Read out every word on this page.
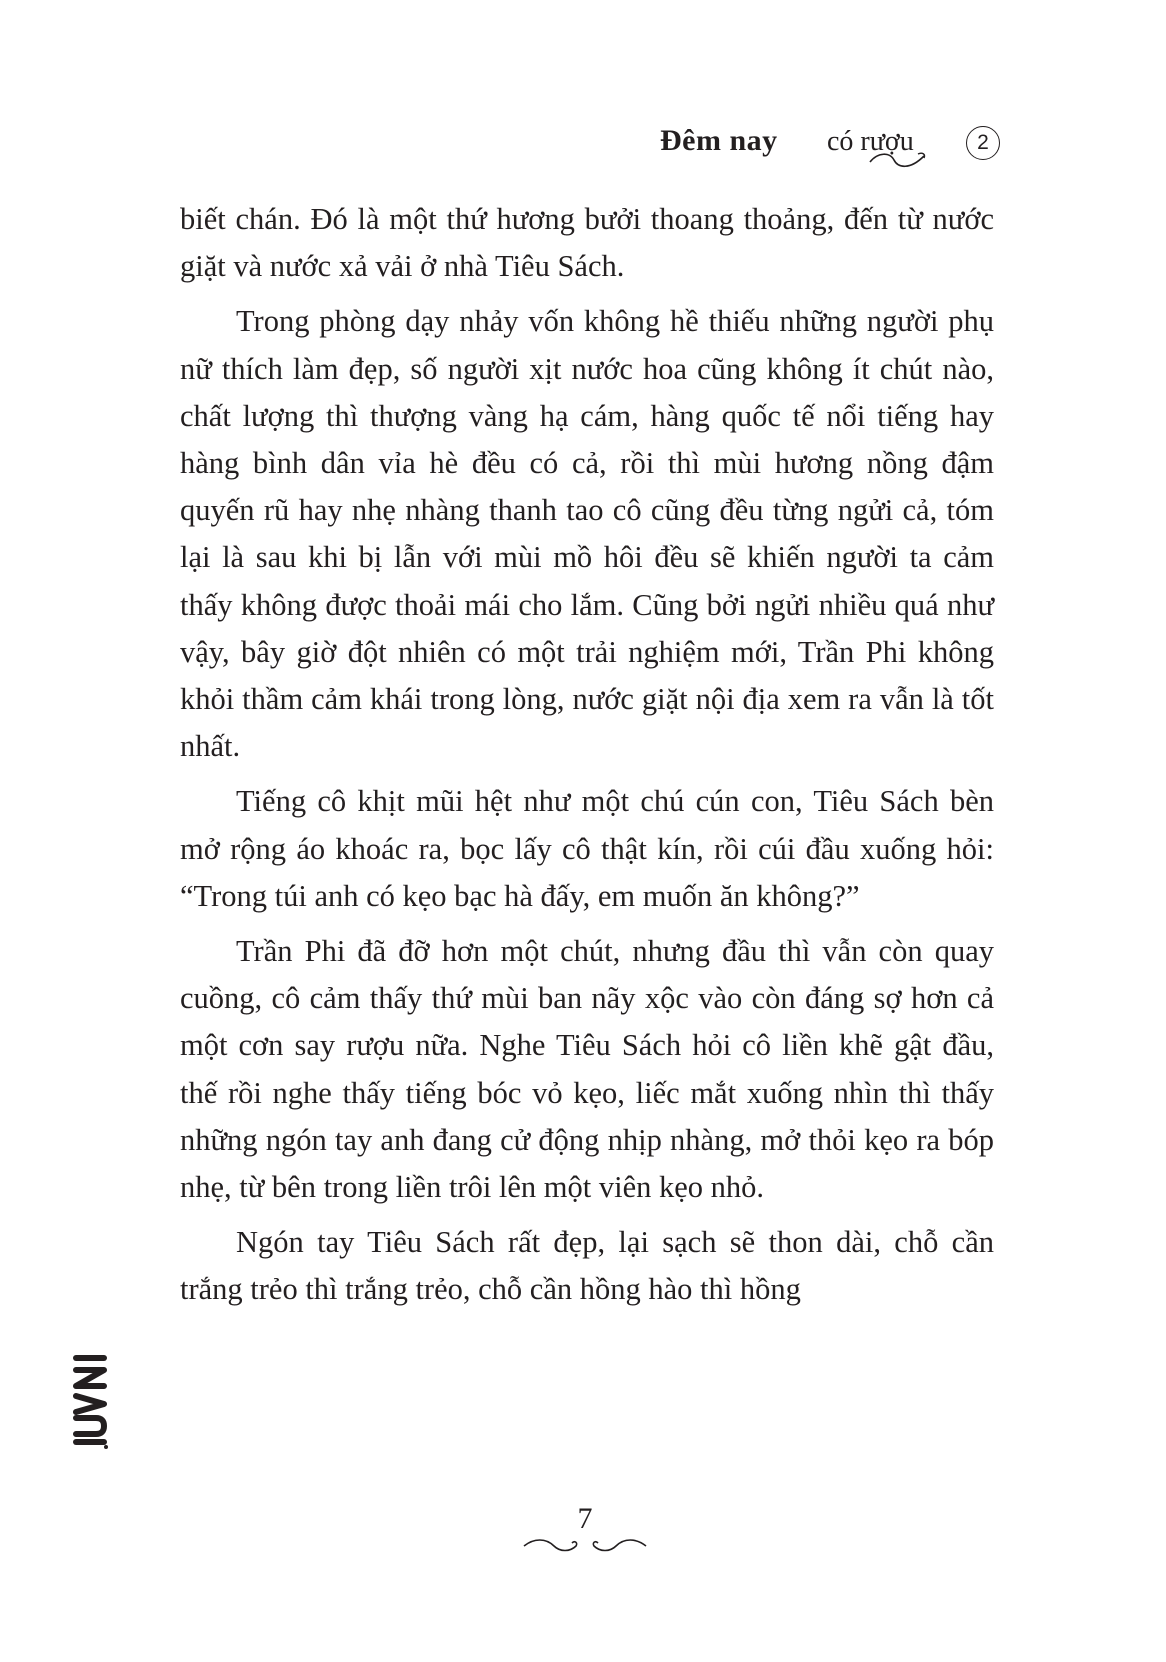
Đêm nay có rượu	2

biết chán. Đó là một thứ hương bưởi thoang thoảng, đến từ nước giặt và nước xả vải ở nhà Tiêu Sách.

Trong phòng dạy nhảy vốn không hề thiếu những người phụ nữ thích làm đẹp, số người xịt nước hoa cũng không ít chút nào, chất lượng thì thượng vàng hạ cám, hàng quốc tế nổi tiếng hay hàng bình dân vỉa hè đều có cả, rồi thì mùi hương nồng đậm quyến rũ hay nhẹ nhàng thanh tao cô cũng đều từng ngửi cả, tóm lại là sau khi bị lẫn với mùi mồ hôi đều sẽ khiến người ta cảm thấy không được thoải mái cho lắm. Cũng bởi ngửi nhiều quá như vậy, bây giờ đột nhiên có một trải nghiệm mới, Trần Phi không khỏi thầm cảm khái trong lòng, nước giặt nội địa xem ra vẫn là tốt nhất.

Tiếng cô khịt mũi hệt như một chú cún con, Tiêu Sách bèn mở rộng áo khoác ra, bọc lấy cô thật kín, rồi cúi đầu xuống hỏi: “Trong túi anh có kẹo bạc hà đấy, em muốn ăn không?”

Trần Phi đã đỡ hơn một chút, nhưng đầu thì vẫn còn quay cuồng, cô cảm thấy thứ mùi ban nãy xộc vào còn đáng sợ hơn cả một cơn say rượu nữa. Nghe Tiêu Sách hỏi cô liền khẽ gật đầu, thế rồi nghe thấy tiếng bóc vỏ kẹo, liếc mắt xuống nhìn thì thấy những ngón tay anh đang cử động nhịp nhàng, mở thỏi kẹo ra bóp nhẹ, từ bên trong liền trôi lên một viên kẹo nhỏ.

Ngón tay Tiêu Sách rất đẹp, lại sạch sẽ thon dài, chỗ cần trắng trẻo thì trắng trẻo, chỗ cần hồng hào thì hồng

7
